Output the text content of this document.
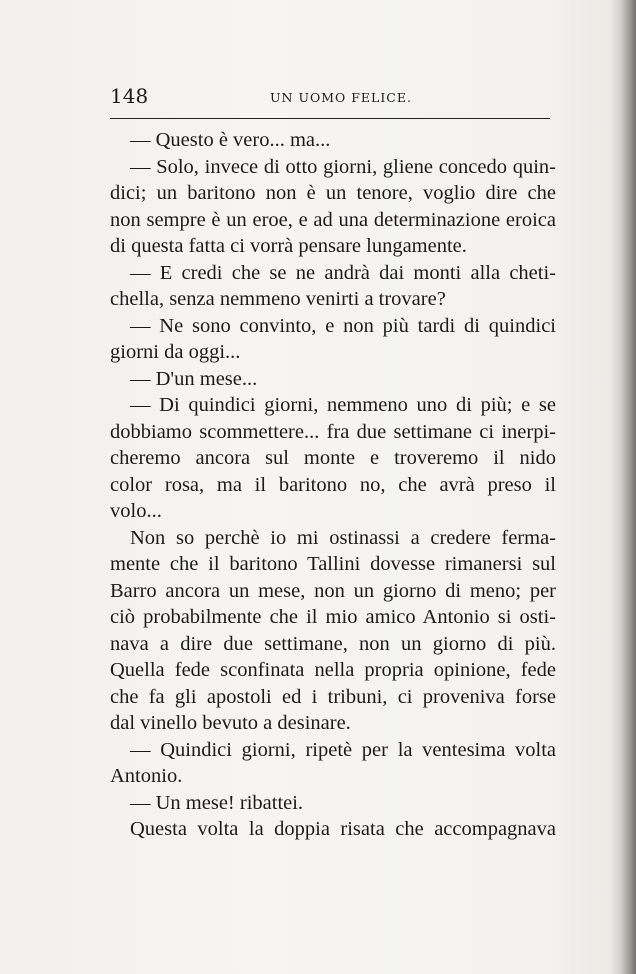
148	UN UOMO FELICE.
— Questo è vero... ma...
— Solo, invece di otto giorni, gliene concedo quin-
dici; un baritono non è un tenore, voglio dire che
non sempre è un eroe, e ad una determinazione eroica
di questa fatta ci vorrà pensare lungamente.
— E credi che se ne andrà dai monti alla cheti-
chella, senza nemmeno venirti a trovare?
— Ne sono convinto, e non più tardi di quindici
giorni da oggi...
— D'un mese...
— Di quindici giorni, nemmeno uno di più; e se
dobbiamo scommettere... fra due settimane ci inerpi-
cheremo ancora sul monte e troveremo il nido
color rosa, ma il baritono no, che avrà preso il
volo...
Non so perchè io mi ostinassi a credere ferma-
mente che il baritono Tallini dovesse rimanersi sul
Barro ancora un mese, non un giorno di meno; per
ciò probabilmente che il mio amico Antonio si osti-
nava a dire due settimane, non un giorno di più.
Quella fede sconfinata nella propria opinione, fede
che fa gli apostoli ed i tribuni, ci proveniva forse
dal vinello bevuto a desinare.
— Quindici giorni, ripetè per la ventesima volta
Antonio.
— Un mese! ribattei.
Questa volta la doppia risata che accompagnava
